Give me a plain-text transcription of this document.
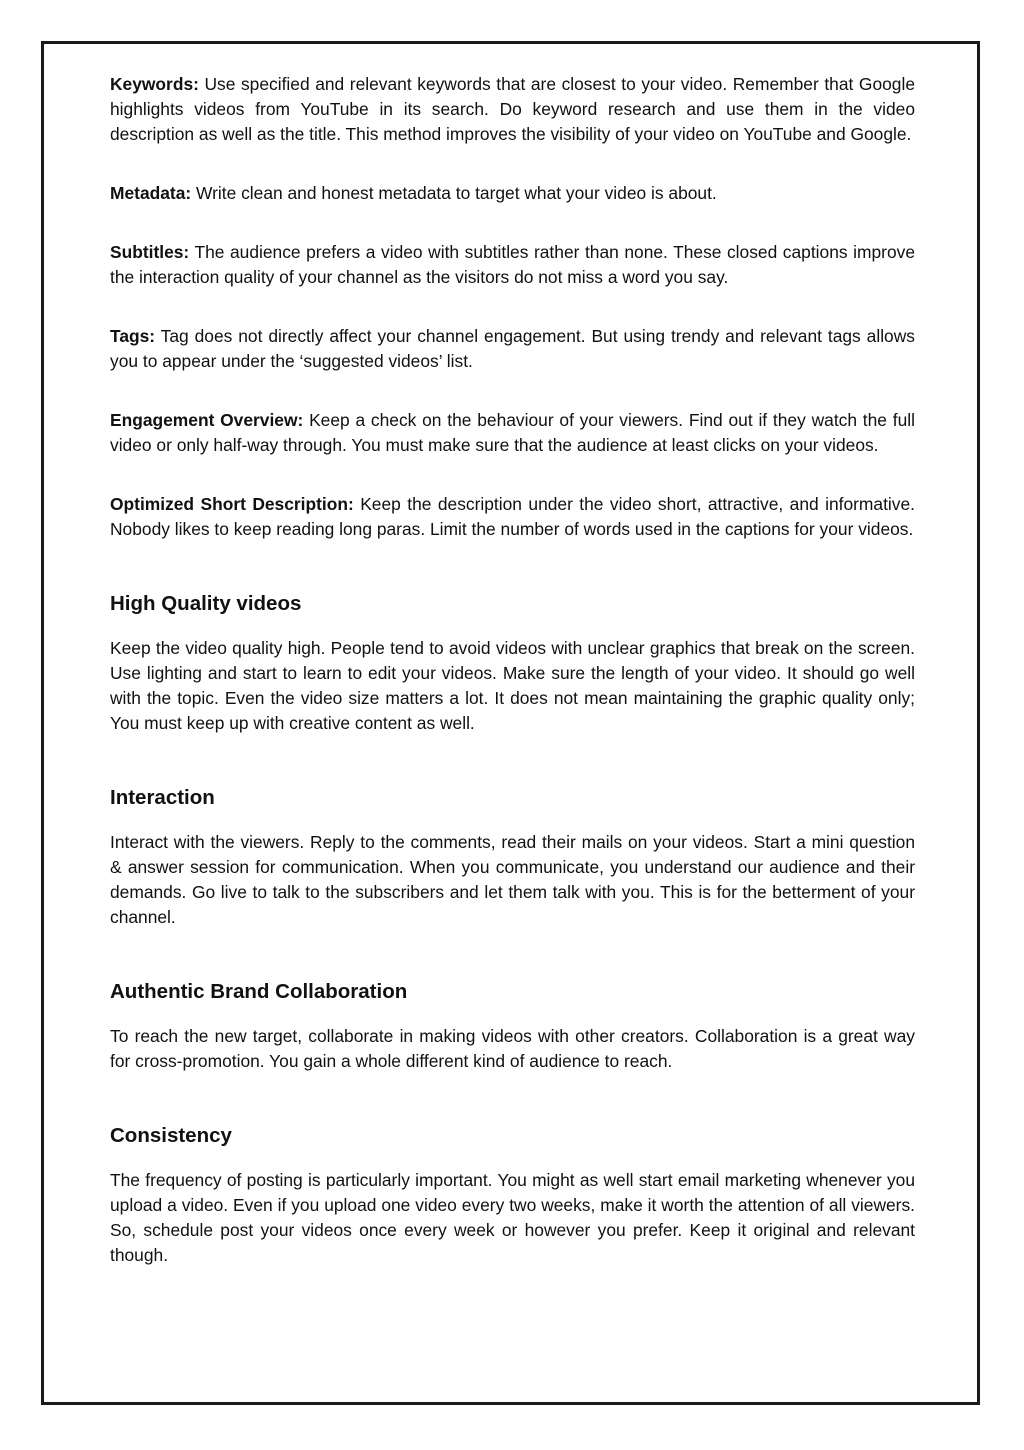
Keywords: Use specified and relevant keywords that are closest to your video. Remember that Google highlights videos from YouTube in its search. Do keyword research and use them in the video description as well as the title. This method improves the visibility of your video on YouTube and Google.

Metadata: Write clean and honest metadata to target what your video is about.

Subtitles: The audience prefers a video with subtitles rather than none. These closed captions improve the interaction quality of your channel as the visitors do not miss a word you say.

Tags: Tag does not directly affect your channel engagement. But using trendy and relevant tags allows you to appear under the ‘suggested videos’ list.

Engagement Overview: Keep a check on the behaviour of your viewers. Find out if they watch the full video or only half-way through. You must make sure that the audience at least clicks on your videos.

Optimized Short Description: Keep the description under the video short, attractive, and informative. Nobody likes to keep reading long paras. Limit the number of words used in the captions for your videos.

High Quality videos

Keep the video quality high. People tend to avoid videos with unclear graphics that break on the screen. Use lighting and start to learn to edit your videos. Make sure the length of your video. It should go well with the topic. Even the video size matters a lot. It does not mean maintaining the graphic quality only; You must keep up with creative content as well.

Interaction

Interact with the viewers. Reply to the comments, read their mails on your videos. Start a mini question & answer session for communication. When you communicate, you understand our audience and their demands. Go live to talk to the subscribers and let them talk with you. This is for the betterment of your channel.

Authentic Brand Collaboration

To reach the new target, collaborate in making videos with other creators. Collaboration is a great way for cross-promotion. You gain a whole different kind of audience to reach.

Consistency

The frequency of posting is particularly important. You might as well start email marketing whenever you upload a video. Even if you upload one video every two weeks, make it worth the attention of all viewers. So, schedule post your videos once every week or however you prefer. Keep it original and relevant though.
